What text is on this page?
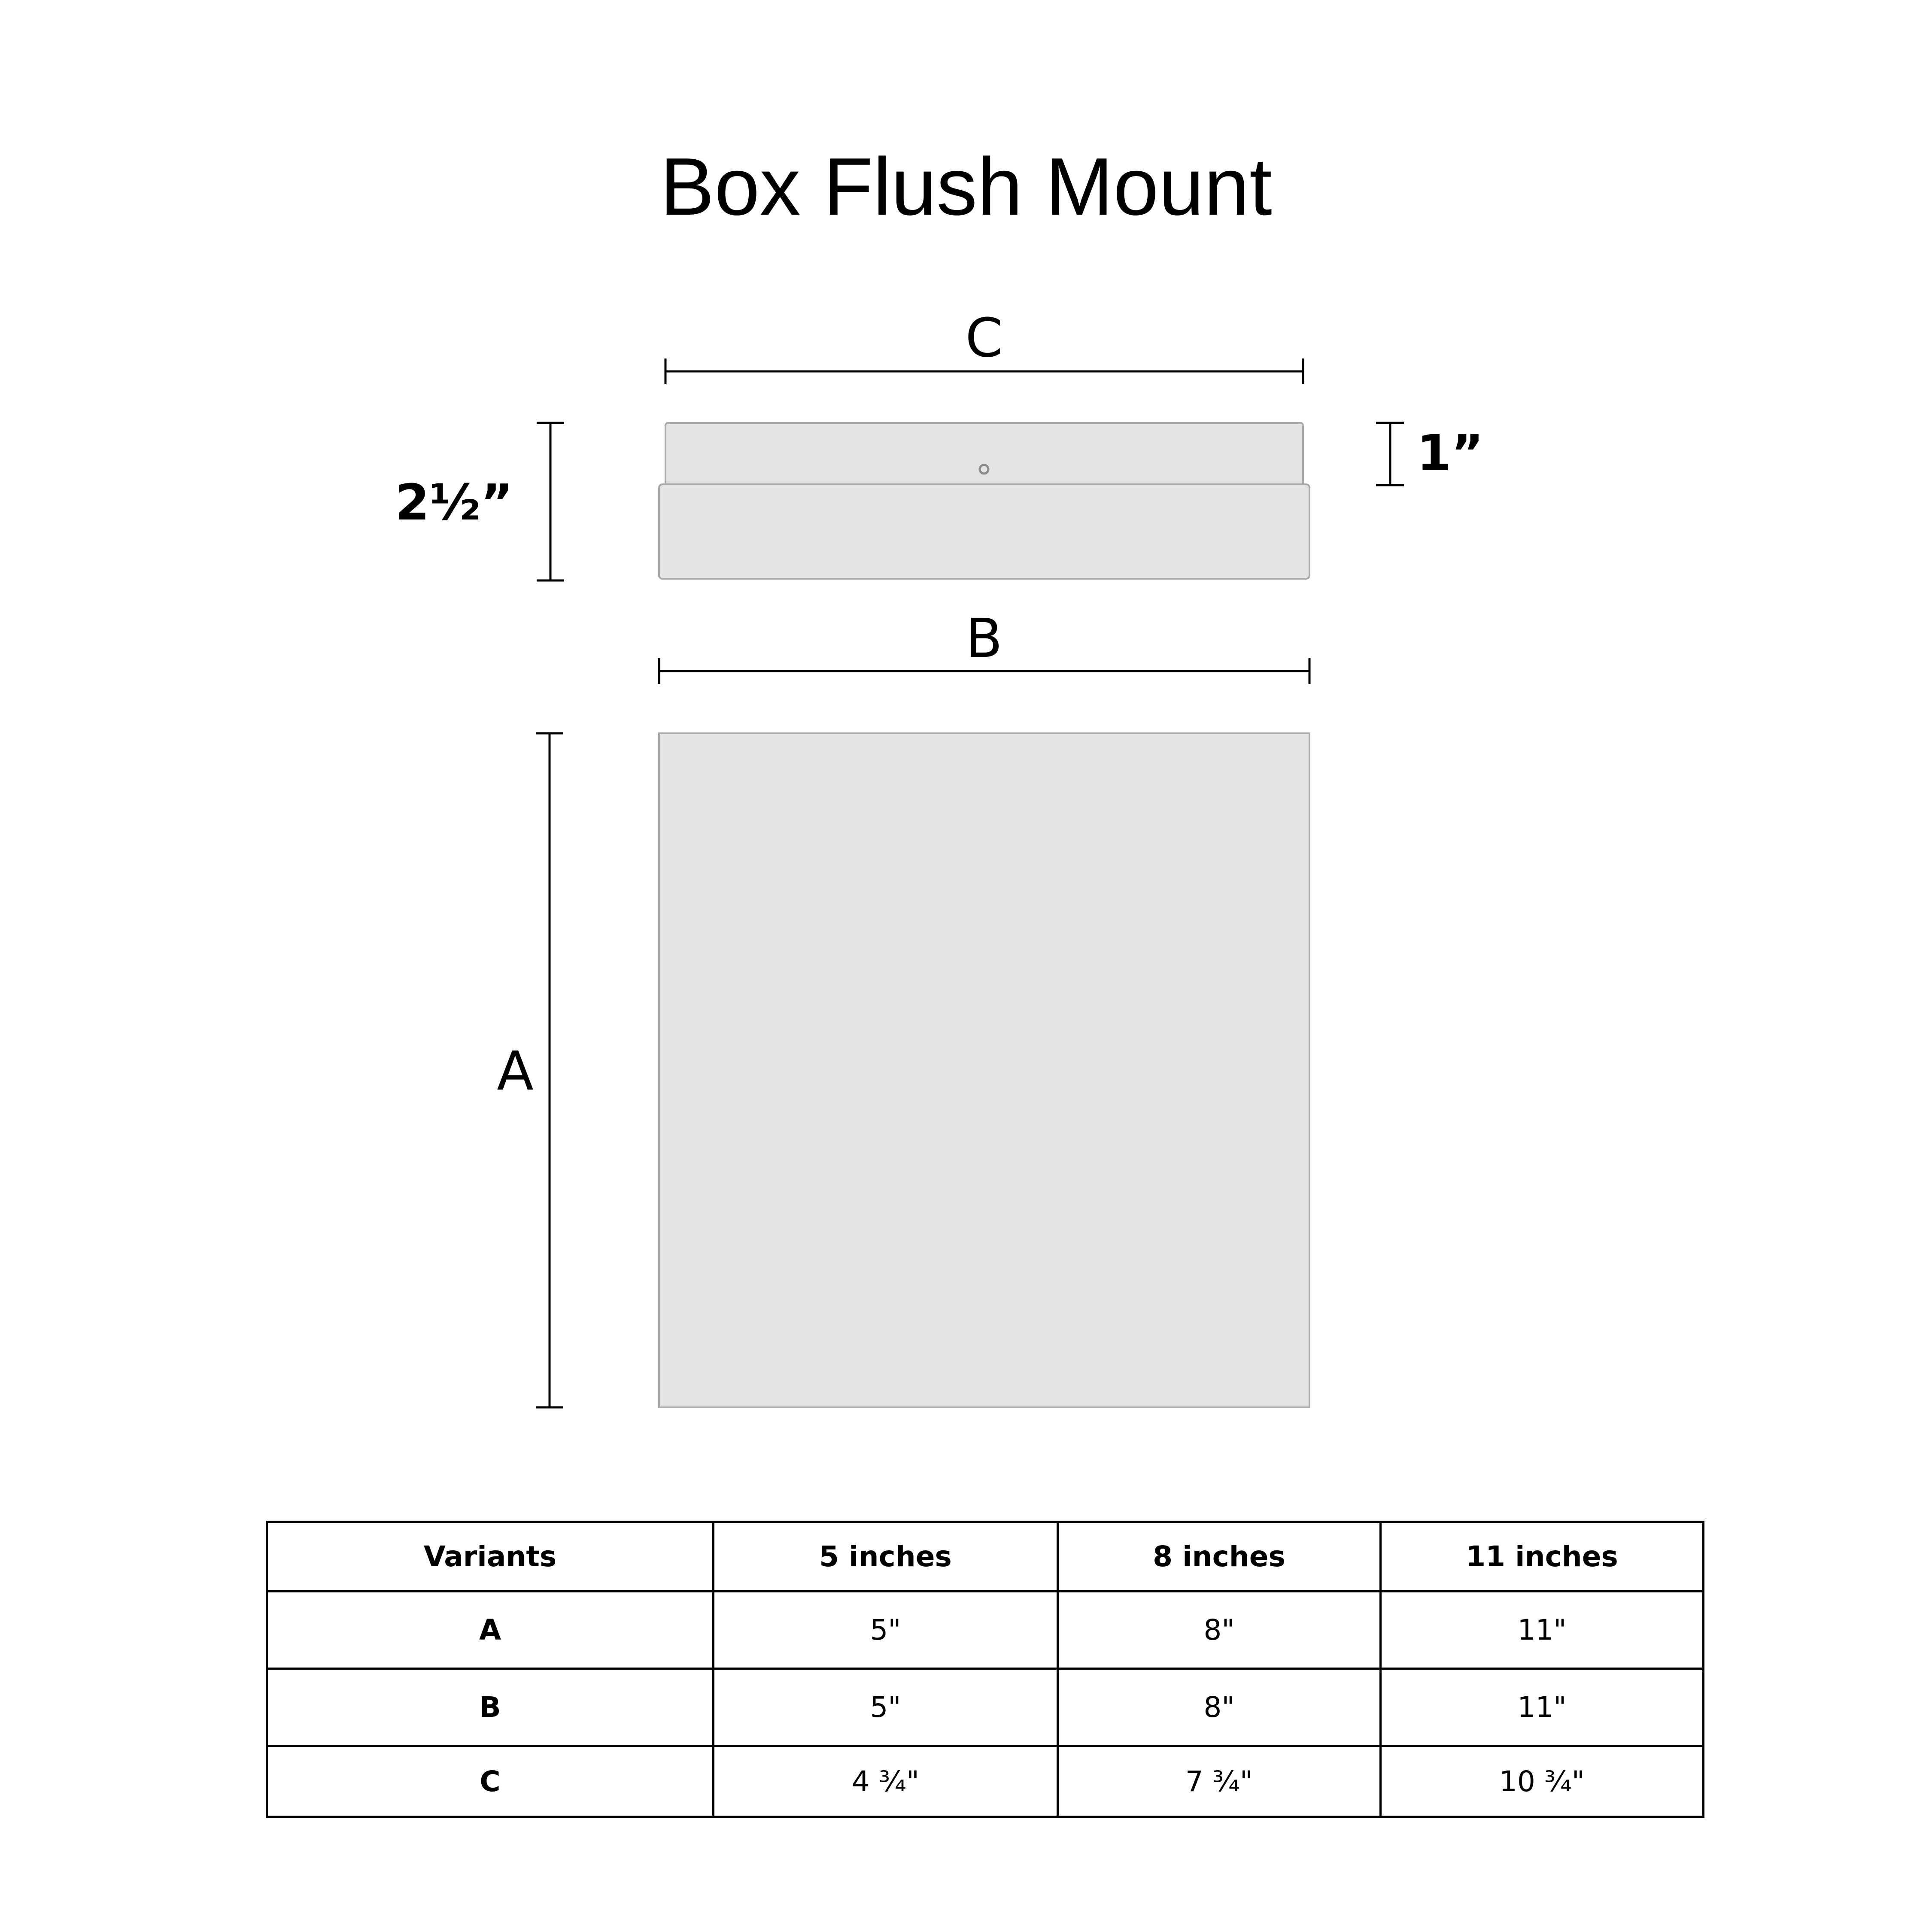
Box Flush Mount
C
2½”
1”
B
A
Variants	5 inches	8 inches	11 inches
A	5"	8"	11"
B	5"	8"	11"
C	4 ¾"	7 ¾"	10 ¾"
